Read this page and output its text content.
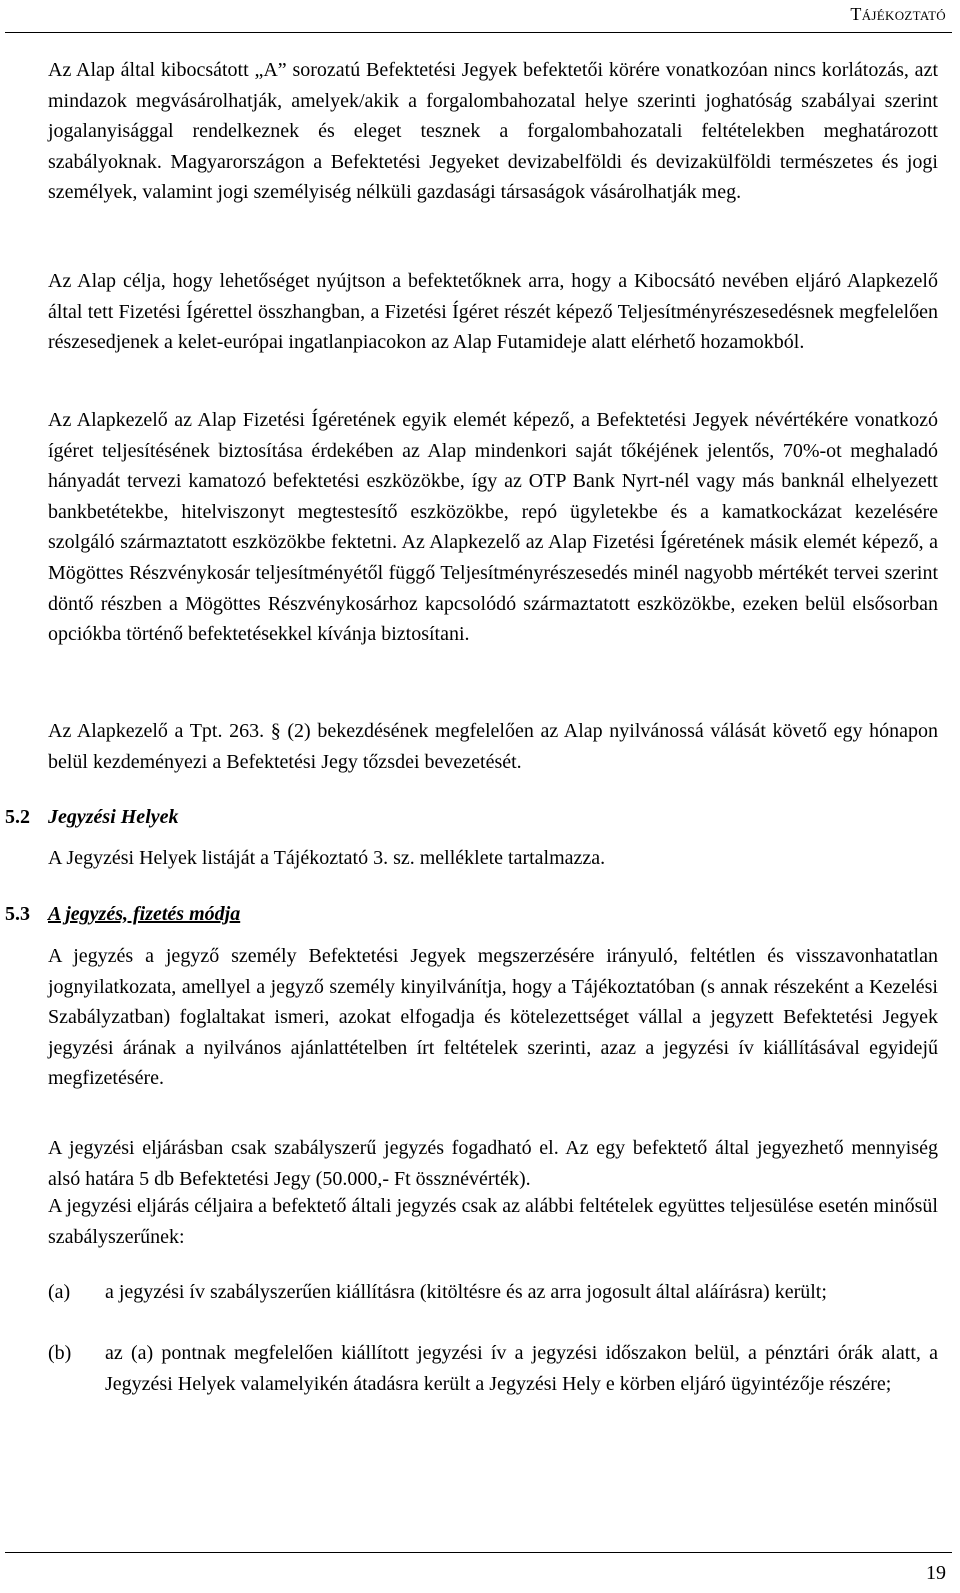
Tájékoztató

Az Alap által kibocsátott „A” sorozatú Befektetési Jegyek befektetői körére vonatkozóan nincs korlátozás, azt mindazok megvásárolhatják, amelyek/akik a forgalombahozatal helye szerinti joghatóság szabályai szerint jogalanyisággal rendelkeznek és eleget tesznek a forgalombahozatali feltételekben meghatározott szabályoknak. Magyarországon a Befektetési Jegyeket devizabelföldi és devizakülföldi természetes és jogi személyek, valamint jogi személyiség nélküli gazdasági társaságok vásárolhatják meg.

Az Alap célja, hogy lehetőséget nyújtson a befektetőknek arra, hogy a Kibocsátó nevében eljáró Alapkezelő által tett Fizetési Ígérettel összhangban, a Fizetési Ígéret részét képező Teljesítményrészesedésnek megfelelően részesedjenek a kelet-európai ingatlanpiacokon az Alap Futamideje alatt elérhető hozamokból.

Az Alapkezelő az Alap Fizetési Ígéretének egyik elemét képező, a Befektetési Jegyek névértékére vonatkozó ígéret teljesítésének biztosítása érdekében az Alap mindenkori saját tőkéjének jelentős, 70%-ot meghaladó hányadát tervezi kamatozó befektetési eszközökbe, így az OTP Bank Nyrt-nél vagy más banknál elhelyezett bankbetétekbe, hitelviszonyt megtestesítő eszközökbe, repó ügyletekbe és a kamatkockázat kezelésére szolgáló származtatott eszközökbe fektetni. Az Alapkezelő az Alap Fizetési Ígéretének másik elemét képező, a Mögöttes Részvénykosár teljesítményétől függő Teljesítményrészesedés minél nagyobb mértékét tervei szerint döntő részben a Mögöttes Részvénykosárhoz kapcsolódó származtatott eszközökbe, ezeken belül elsősorban opciókba történő befektetésekkel kívánja biztosítani.

Az Alapkezelő a Tpt. 263. § (2) bekezdésének megfelelően az Alap nyilvánossá válását követő egy hónapon belül kezdeményezi a Befektetési Jegy tőzsdei bevezetését.

5.2 Jegyzési Helyek

A Jegyzési Helyek listáját a Tájékoztató 3. sz. melléklete tartalmazza.

5.3 A jegyzés, fizetés módja

A jegyzés a jegyző személy Befektetési Jegyek megszerzésére irányuló, feltétlen és visszavonhatatlan jognyilatkozata, amellyel a jegyző személy kinyilvánítja, hogy a Tájékoztatóban (s annak részeként a Kezelési Szabályzatban) foglaltakat ismeri, azokat elfogadja és kötelezettséget vállal a jegyzett Befektetési Jegyek jegyzési árának a nyilvános ajánlattételben írt feltételek szerinti, azaz a jegyzési ív kiállításával egyidejű megfizetésére.

A jegyzési eljárásban csak szabályszerű jegyzés fogadható el. Az egy befektető által jegyezhető mennyiség alsó határa 5 db Befektetési Jegy (50.000,- Ft össznévérték).

A jegyzési eljárás céljaira a befektető általi jegyzés csak az alábbi feltételek együttes teljesülése esetén minősül szabályszerűnek:

(a)	a jegyzési ív szabályszerűen kiállításra (kitöltésre és az arra jogosult által aláírásra) került;
(b)	az (a) pontnak megfelelően kiállított jegyzési ív a jegyzési időszakon belül, a pénztári órák alatt, a Jegyzési Helyek valamelyikén átadásra került a Jegyzési Hely e körben eljáró ügyintézője részére;
19
